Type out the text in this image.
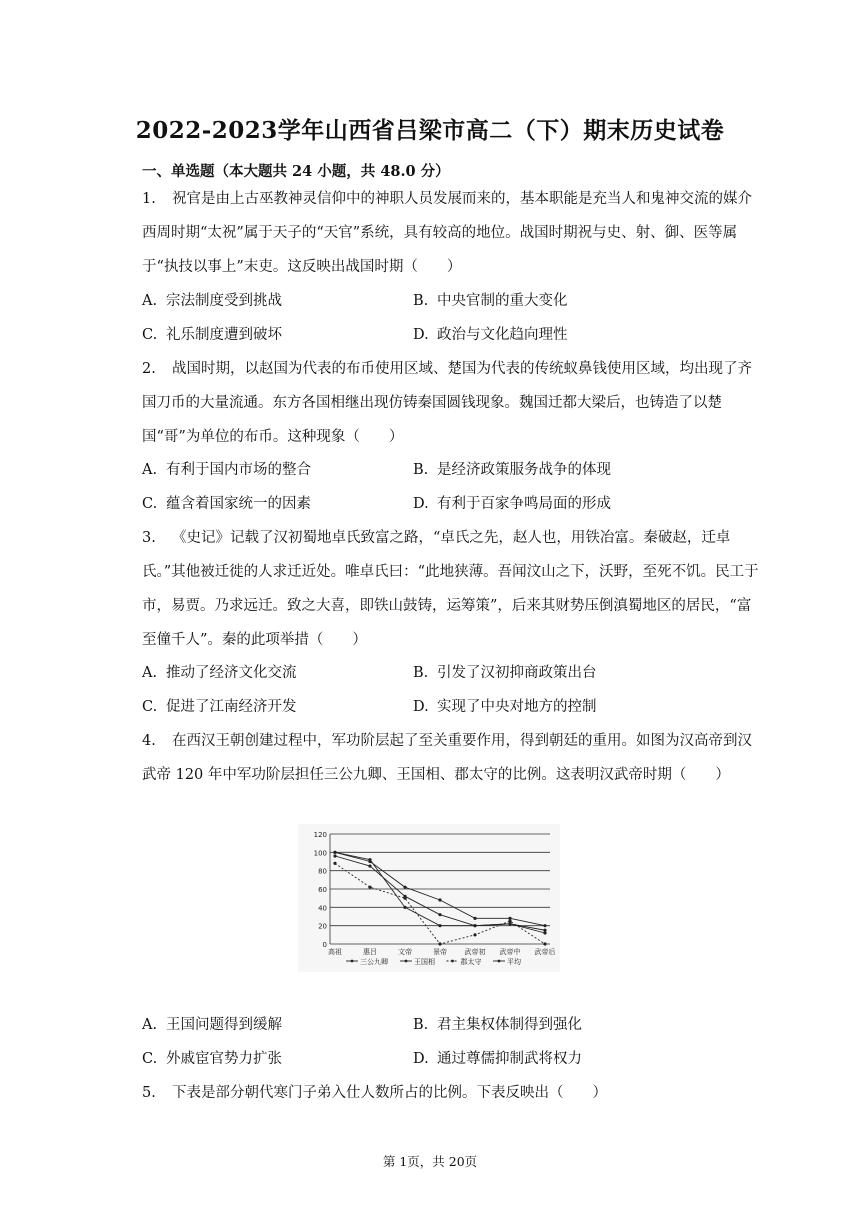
2022-2023学年山西省吕梁市高二（下）期末历史试卷
一、单选题（本大题共 24 小题，共 48.0 分）
1. 祝官是由上古巫教神灵信仰中的神职人员发展而来的，基本职能是充当人和鬼神交流的媒介西周时期“太祝”属于天子的“天官”系统，具有较高的地位。战国时期祝与史、射、御、医等属于“执技以事上”末吏。这反映出战国时期（　　）
A. 宗法制度受到挑战	B. 中央官制的重大变化
C. 礼乐制度遭到破坏	D. 政治与文化趋向理性
2. 战国时期，以赵国为代表的布币使用区域、楚国为代表的传统蚁鼻钱使用区域，均出现了齐国刀币的大量流通。东方各国相继出现仿铸秦国圆钱现象。魏国迁都大梁后，也铸造了以楚国“哥”为单位的布币。这种现象（　　）
A. 有利于国内市场的整合	B. 是经济政策服务战争的体现
C. 蕴含着国家统一的因素	D. 有利于百家争鸣局面的形成
3. 《史记》记载了汉初蜀地卓氏致富之路，“卓氏之先，赵人也，用铁冶富。秦破赵，迁卓氏。”其他被迁徙的人求迁近处。唯卓氏曰：“此地狭薄。吾闻汶山之下，沃野，至死不饥。民工于市，易贾。乃求远迁。致之大喜，即铁山鼓铸，运筹策”，后来其财势压倒滇蜀地区的居民，“富至僮千人”。秦的此项举措（　　）
A. 推动了经济文化交流	B. 引发了汉初抑商政策出台
C. 促进了江南经济开发	D. 实现了中央对地方的控制
4. 在西汉王朝创建过程中，军功阶层起了至关重要作用，得到朝廷的重用。如图为汉高帝到汉武帝 120 年中军功阶层担任三公九卿、王国相、郡太守的比例。这表明汉武帝时期（　　）
0
20
40
60
80
100
120
高祖	惠吕	文帝	景帝	武帝初 武帝中 武帝后
三公九卿	王国相	郡太守	平均
A. 王国问题得到缓解	B. 君主集权体制得到强化
C. 外戚宦官势力扩张	D. 通过尊儒抑制武将权力
5. 下表是部分朝代寒门子弟入仕人数所占的比例。下表反映出（　　）
第 1页，共 20页
